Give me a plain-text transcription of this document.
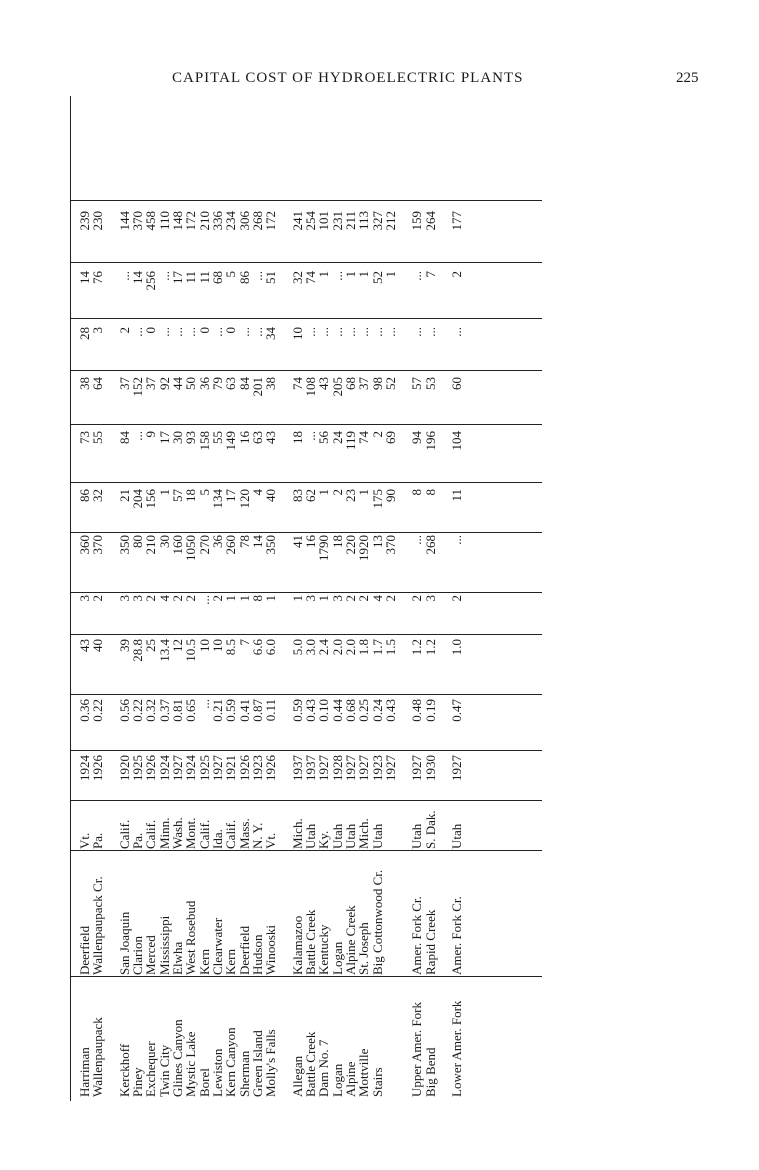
CAPITAL COST OF HYDROELECTRIC PLANTS	225
Harriman
Wallenpaupack Kerckhoff
Piney
Exchequer
Twin City
Glines Canyon
Mystic Lake
Borel
Lewiston
Kern Canyon
Sherman
Green Island
Molly's Falls Allegan
Battle Creek
Dam No. 7
Logan
Alpine
Mottville
Stairs Upper Amer. Fork
Big Bend Lower Amer. Fork
Deerfield
Wallenpaupack Cr. San Joaquin
Clarion
Merced
Mississippi
Elwha
West Rosebud
Kern
Clearwater
Kern
Deerfield
Hudson
Winooski Kalamazoo
Battle Creek
Kentucky
Logan
Alpine Creek
St. Joseph
Big Cottonwood Cr. Amer. Fork Cr.
Rapid Creek Amer. Fork Cr.
Vt.
Pa. Calif.
Pa.
Calif.
Minn.
Wash.
Mont.
Calif.
Ida.
Calif.
Mass.
N. Y.
Vt. Mich.
Utah
Ky.
Utah
Utah
Mich.
Utah Utah
S. Dak. Utah
1924
1926 1920
1925
1926
1924
1927
1924
1925
1927
1921
1926
1923
1926 1937
1937
1927
1928
1927
1927
1923
1927 1927
1930 1927
0.36
0.22 0.56
0.22
0.32
0.37
0.81
0.65
...
0.21
0.59
0.41
0.87
0.11 0.59
0.43
0.10
0.44
0.68
0.25
0.24
0.43 0.48
0.19 0.47
43
40 39
28.8
25
13.4
12
10.5
10
10
8.5
7
6.6
6.0 5.0
3.0
2.4
2.0
2.0
1.8
1.7
1.5 1.2
1.2 1.0
3
2 3
3
2
4
2
2
...
2
1
1
8
1 1
3
1
3
2
2
4
2 2
3 2
360
370 350
80
210
30
160
1050
270
36
260
78
14
350 41
16
1790
18
220
1920
13
370 ...
268 ...
86
32 21
204
156
1
57
18
5
134
17
120
4
40 83
62
1
2
23
1
175
90 8
8 11
73
55 84
...
9
17
30
93
158
55
149
16
63
43 18
...
56
24
119
74
2
69 94
196 104
38
64 37
152
37
92
44
50
36
79
63
84
201
38 74
108
43
205
68
37
98
52 57
53 60
28
3 2
...
0
...
...
...
0
...
0
...
...
34 10
...
...
...
...
...
...
... ...
... ...
14
76 ...
14
256
...
17
11
11
68
5
86
...
51 32
74
1
...
1
1
52
1 ...
7 2
239
230 144
370
458
110
148
172
210
336
234
306
268
172 241
254
101
231
211
113
327
212 159
264 177
